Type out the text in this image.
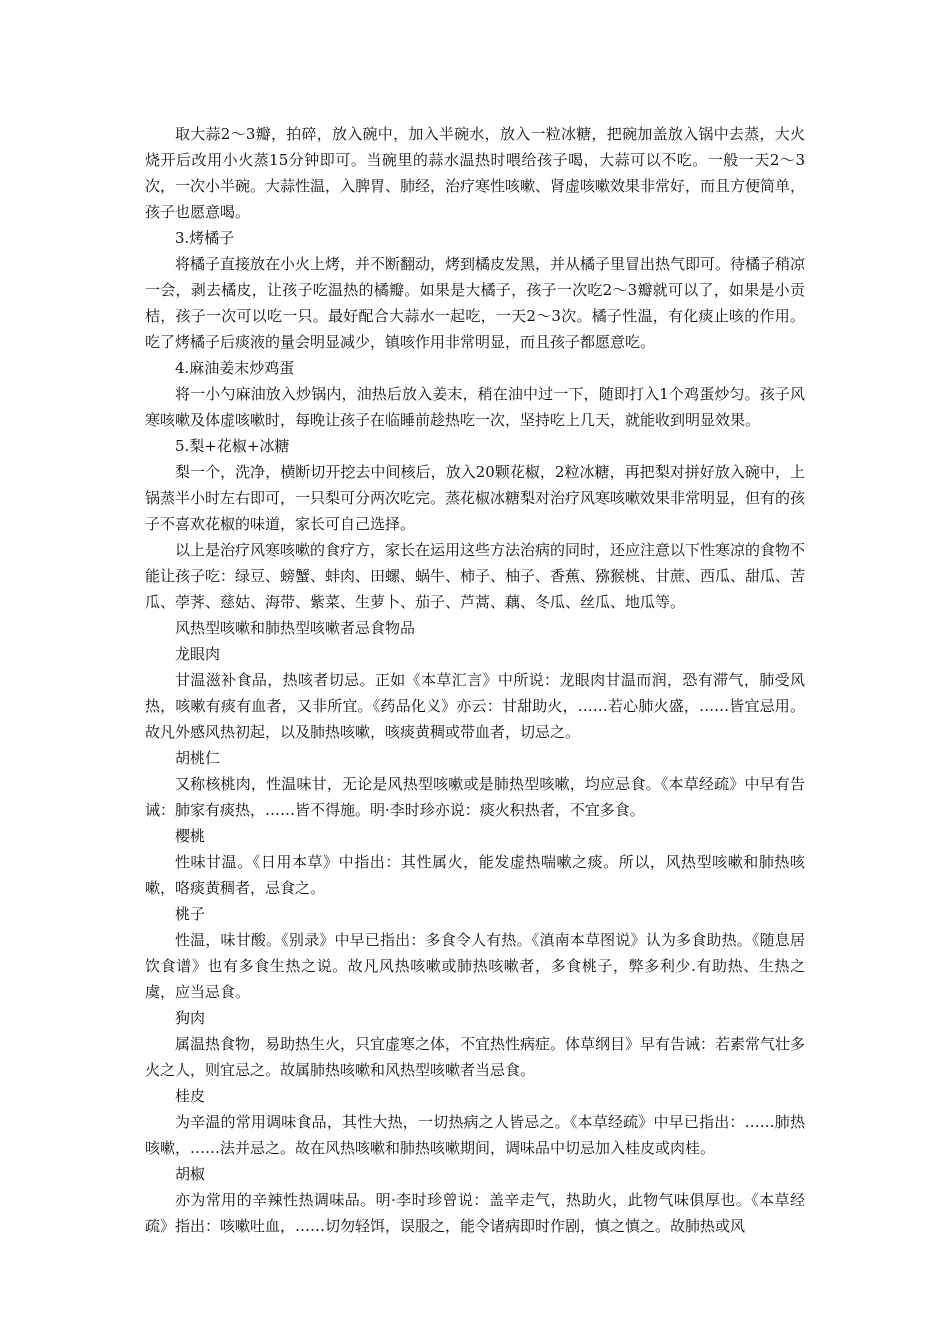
取大蒜2～3瓣，拍碎，放入碗中，加入半碗水，放入一粒冰糖，把碗加盖放入锅中去蒸，大火烧开后改用小火蒸15分钟即可。当碗里的蒜水温热时喂给孩子喝，大蒜可以不吃。一般一天2～3次，一次小半碗。大蒜性温，入脾胃、肺经，治疗寒性咳嗽、肾虚咳嗽效果非常好，而且方便简单，孩子也愿意喝。

3.烤橘子

将橘子直接放在小火上烤，并不断翻动，烤到橘皮发黑，并从橘子里冒出热气即可。待橘子稍凉一会，剥去橘皮，让孩子吃温热的橘瓣。如果是大橘子，孩子一次吃2～3瓣就可以了，如果是小贡桔，孩子一次可以吃一只。最好配合大蒜水一起吃，一天2～3次。橘子性温，有化痰止咳的作用。吃了烤橘子后痰液的量会明显减少，镇咳作用非常明显，而且孩子都愿意吃。

4.麻油姜末炒鸡蛋

将一小勺麻油放入炒锅内，油热后放入姜末，稍在油中过一下，随即打入1个鸡蛋炒匀。孩子风寒咳嗽及体虚咳嗽时，每晚让孩子在临睡前趁热吃一次，坚持吃上几天，就能收到明显效果。

5.梨+花椒+冰糖

梨一个，洗净，横断切开挖去中间核后，放入20颗花椒，2粒冰糖，再把梨对拼好放入碗中，上锅蒸半小时左右即可，一只梨可分两次吃完。蒸花椒冰糖梨对治疗风寒咳嗽效果非常明显，但有的孩子不喜欢花椒的味道，家长可自己选择。

以上是治疗风寒咳嗽的食疗方，家长在运用这些方法治病的同时，还应注意以下性寒凉的食物不能让孩子吃：绿豆、螃蟹、蚌肉、田螺、蜗牛、柿子、柚子、香蕉、猕猴桃、甘蔗、西瓜、甜瓜、苦瓜、荸荠、慈姑、海带、紫菜、生萝卜、茄子、芦蒿、藕、冬瓜、丝瓜、地瓜等。

风热型咳嗽和肺热型咳嗽者忌食物品

龙眼肉

甘温滋补食品，热咳者切忌。正如《本草汇言》中所说：龙眼肉甘温而润，恐有滞气，肺受风热，咳嗽有痰有血者，又非所宜。《药品化义》亦云：甘甜助火，……若心肺火盛，……皆宜忌用。故凡外感风热初起，以及肺热咳嗽，咳痰黄稠或带血者，切忌之。

胡桃仁

又称核桃肉，性温味甘，无论是风热型咳嗽或是肺热型咳嗽，均应忌食。《本草经疏》中早有告诫：肺家有痰热，……皆不得施。明·李时珍亦说：痰火积热者，不宜多食。

樱桃

性味甘温。《日用本草》中指出：其性属火，能发虚热喘嗽之痰。所以，风热型咳嗽和肺热咳嗽，咯痰黄稠者，忌食之。

桃子

性温，味甘酸。《别录》中早已指出：多食令人有热。《滇南本草图说》认为多食助热。《随息居饮食谱》也有多食生热之说。故凡风热咳嗽或肺热咳嗽者，多食桃子，弊多利少.有助热、生热之虞，应当忌食。

狗肉

属温热食物，易助热生火，只宜虚寒之体，不宜热性病症。体草纲目》早有告诫：若素常气壮多火之人，则宜忌之。故属肺热咳嗽和风热型咳嗽者当忌食。

桂皮

为辛温的常用调味食品，其性大热，一切热病之人皆忌之。《本草经疏》中早已指出：……肺热咳嗽，……法并忌之。故在风热咳嗽和肺热咳嗽期间，调味品中切忌加入桂皮或肉桂。

胡椒

亦为常用的辛辣性热调味品。明·李时珍曾说：盖辛走气，热助火，此物气味俱厚也。《本草经疏》指出：咳嗽吐血，……切勿轻饵，误服之，能令诸病即时作剧，慎之慎之。故肺热或风
